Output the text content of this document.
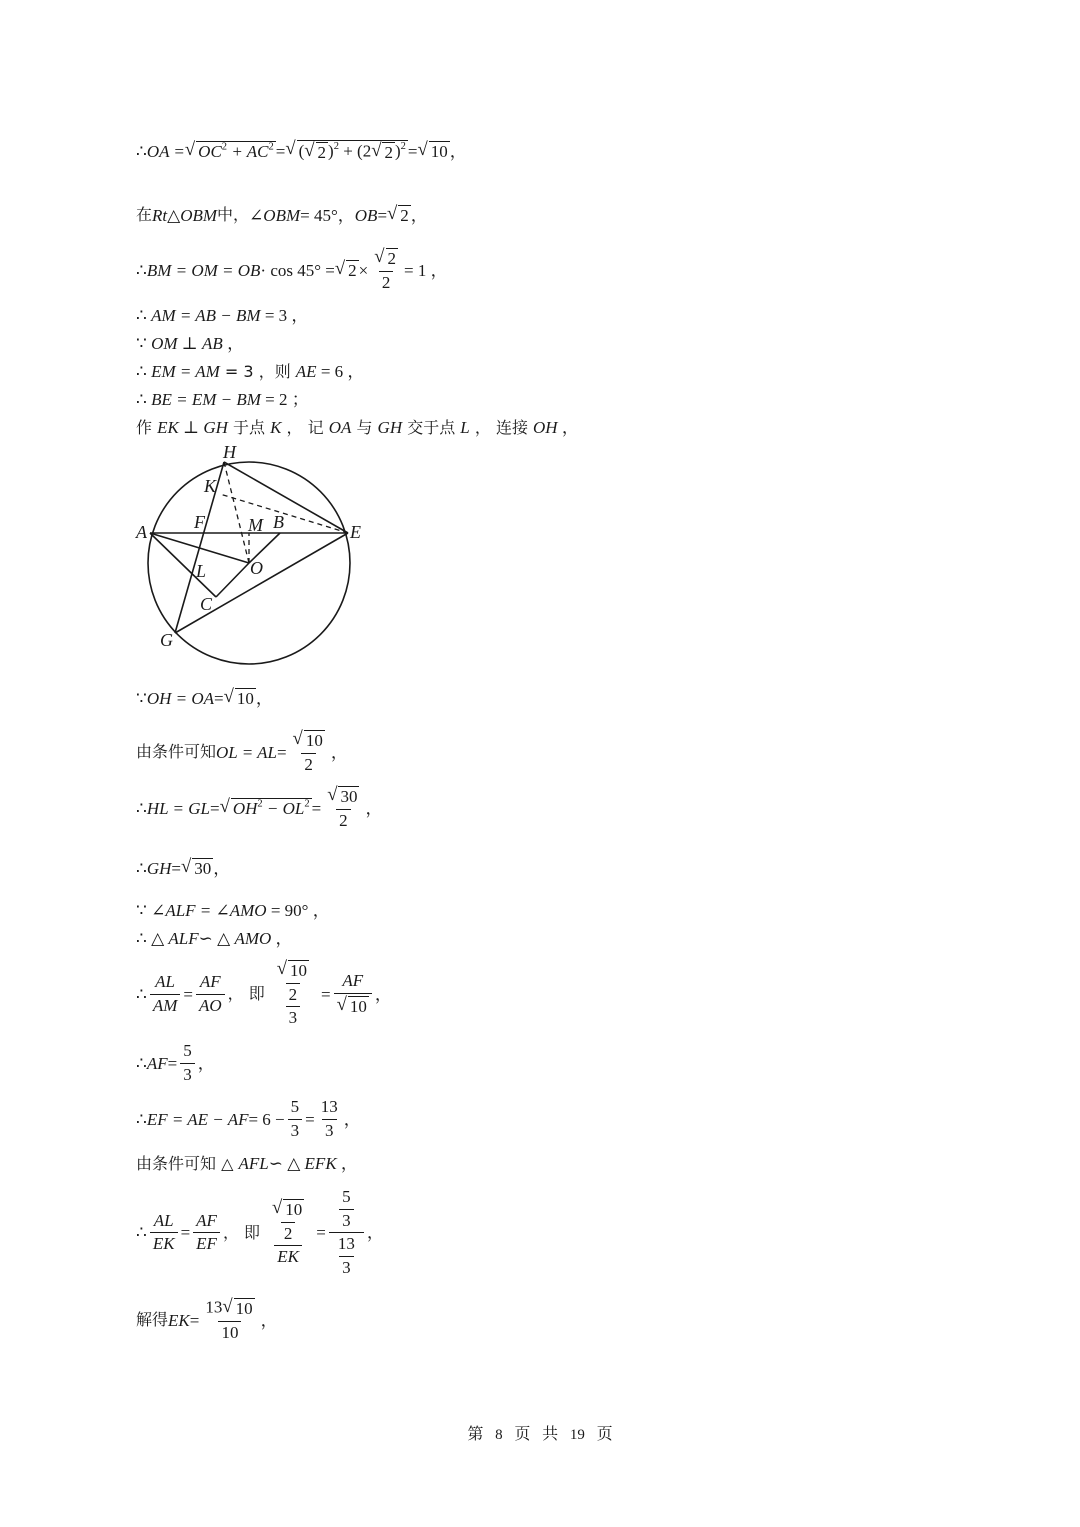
∴ OA = √ $OC^2 + AC^2$ = √ ( √ 2 )$^2$ + (2 √ 2 )$^2$ = √ 10 ，
在 Rt △ OBM 中， ∠OBM = 45°， OB = √ 2 ，
∴ BM = OM = OB · cos 45° = √ $2 \times \frac{√ 2}{2} = 1$ ，
∴ AM = AB − BM = 3 ，
∵ OM ⊥ AB ，
∴ EM = AM = 3 ，则 AE = 6 ，
∴ BE = EM − BM = 2 ；
作 EK ⊥ GH 于点 K ， 记 OA 与 GH 交于点 L ， 连接 OH ，
H
K
A	F M B	E
L O
C
G
∵ OH = OA = √ 10 ，
由条件可知 OL = AL = $\frac{√ 10}{2}$ ，
∴ HL = GL = √ $OH^2 - OL^2 = \frac{√ 30}{2}$ ，
∴ GH = √ 30 ，
∵ ∠ALF = ∠AMO = 90° ，
∴ △ ALF∽ △ AMO ，
∴ $\frac{AL}{AM} = \frac{AF}{AO}$ ， 即 $\frac{\frac{√ 10}{2}}{3} = \frac{AF}{√ 10}$ ，
∴ AF = $\frac{5}{3}$ ，
∴ EF = AE − AF = $6 - \frac{5}{3} = \frac{13}{3}$ ，
由条件可知 △ AFL∽ △ EFK ，
∴ $\frac{AL}{EK} = \frac{AF}{EF}$ ， 即 $\frac{\frac{√ 10}{2}}{EK} = \frac{\frac{5}{3}}{\frac{13}{3}}$ ，
解得 EK = $\frac{13 √ 10}{10}$ ，
第 8 页 共 19 页
